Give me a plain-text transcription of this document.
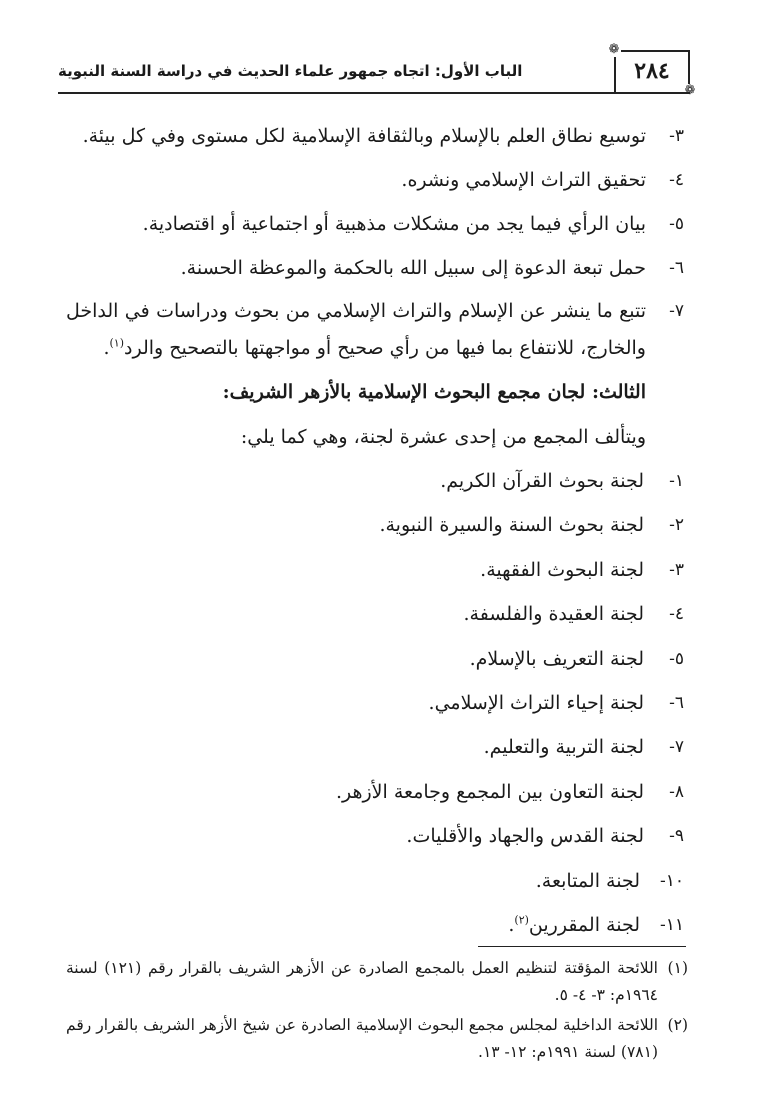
الباب الأول: اتجاه جمهور علماء الحديث في دراسة السنة النبوية
❁
٢٨٤
❁
٣-
توسيع نطاق العلم بالإسلام وبالثقافة الإسلامية لكل مستوى وفي كل بيئة.
٤-
تحقيق التراث الإسلامي ونشره.
٥-
بيان الرأي فيما يجد من مشكلات مذهبية أو اجتماعية أو اقتصادية.
٦-
حمل تبعة الدعوة إلى سبيل الله بالحكمة والموعظة الحسنة.
٧-
تتبع ما ينشر عن الإسلام والتراث الإسلامي من بحوث ودراسات في الداخل والخارج، للانتفاع بما فيها من رأي صحيح أو مواجهتها بالتصحيح والرد$^{(١)}$.
الثالث: لجان مجمع البحوث الإسلامية بالأزهر الشريف:
ويتألف المجمع من إحدى عشرة لجنة، وهي كما يلي:
١-
لجنة بحوث القرآن الكريم.
٢-
لجنة بحوث السنة والسيرة النبوية.
٣-
لجنة البحوث الفقهية.
٤-
لجنة العقيدة والفلسفة.
٥-
لجنة التعريف بالإسلام.
٦-
لجنة إحياء التراث الإسلامي.
٧-
لجنة التربية والتعليم.
٨-
لجنة التعاون بين المجمع وجامعة الأزهر.
٩-
لجنة القدس والجهاد والأقليات.
١٠-
لجنة المتابعة.
١١-
لجنة المقررين$^{(٢)}$.
(١)
اللائحة المؤقتة لتنظيم العمل بالمجمع الصادرة عن الأزهر الشريف بالقرار رقم (١٢١) لسنة ١٩٦٤م: ٣- ٤- ٥.
(٢)
اللائحة الداخلية لمجلس مجمع البحوث الإسلامية الصادرة عن شيخ الأزهر الشريف بالقرار رقم (٧٨١) لسنة ١٩٩١م: ١٢- ١٣.
